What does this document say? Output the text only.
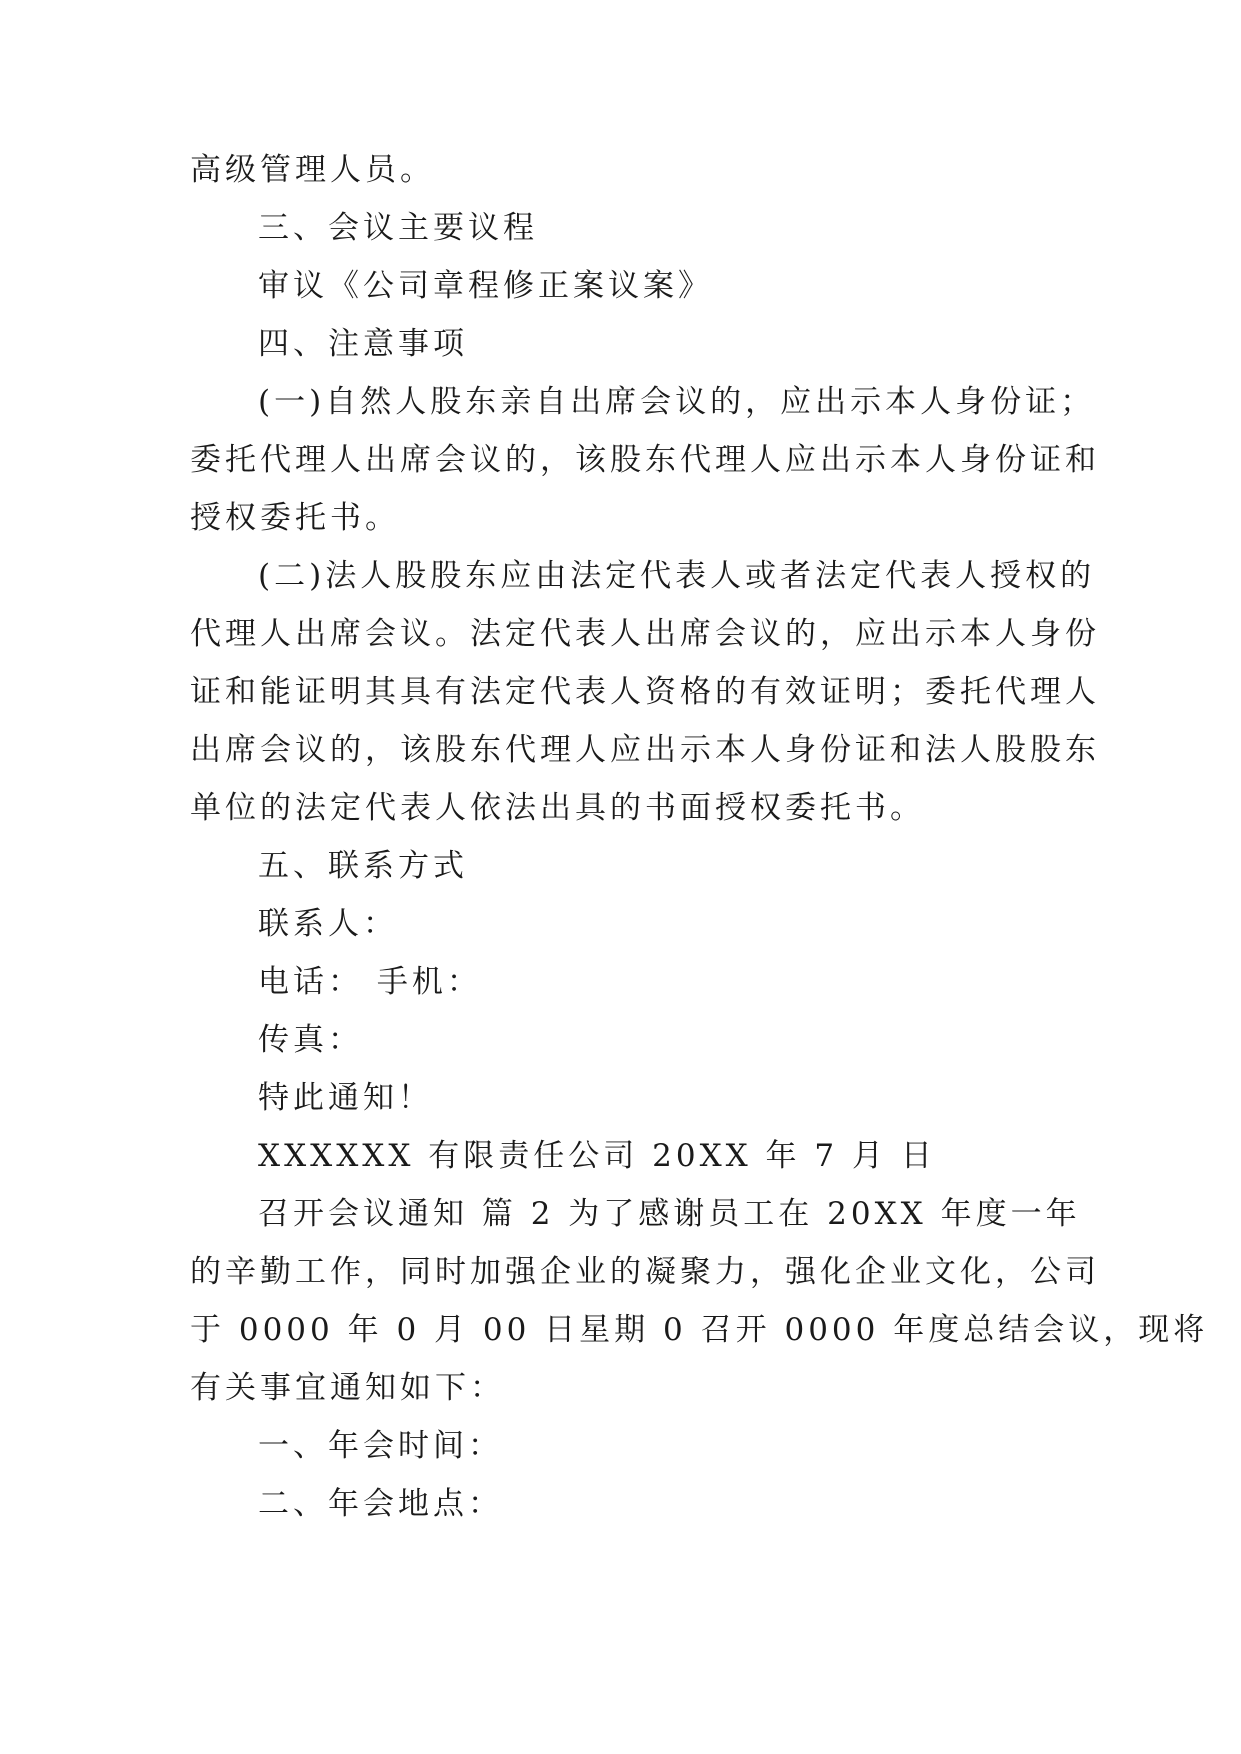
高级管理人员。
三、会议主要议程
审议《公司章程修正案议案》
四、注意事项
(一)自然人股东亲自出席会议的，应出示本人身份证；
委托代理人出席会议的，该股东代理人应出示本人身份证和
授权委托书。
(二)法人股股东应由法定代表人或者法定代表人授权的
代理人出席会议。法定代表人出席会议的，应出示本人身份
证和能证明其具有法定代表人资格的有效证明；委托代理人
出席会议的，该股东代理人应出示本人身份证和法人股股东
单位的法定代表人依法出具的书面授权委托书。
五、联系方式
联系人：
电话： 手机：
传真：
特此通知！
XXXXXX 有限责任公司 20XX 年 7 月 日
召开会议通知 篇 2 为了感谢员工在 20XX 年度一年
的辛勤工作，同时加强企业的凝聚力，强化企业文化，公司
于 0000 年 0 月 00 日星期 0 召开 0000 年度总结会议，现将
有关事宜通知如下：
一、年会时间：
二、年会地点：
